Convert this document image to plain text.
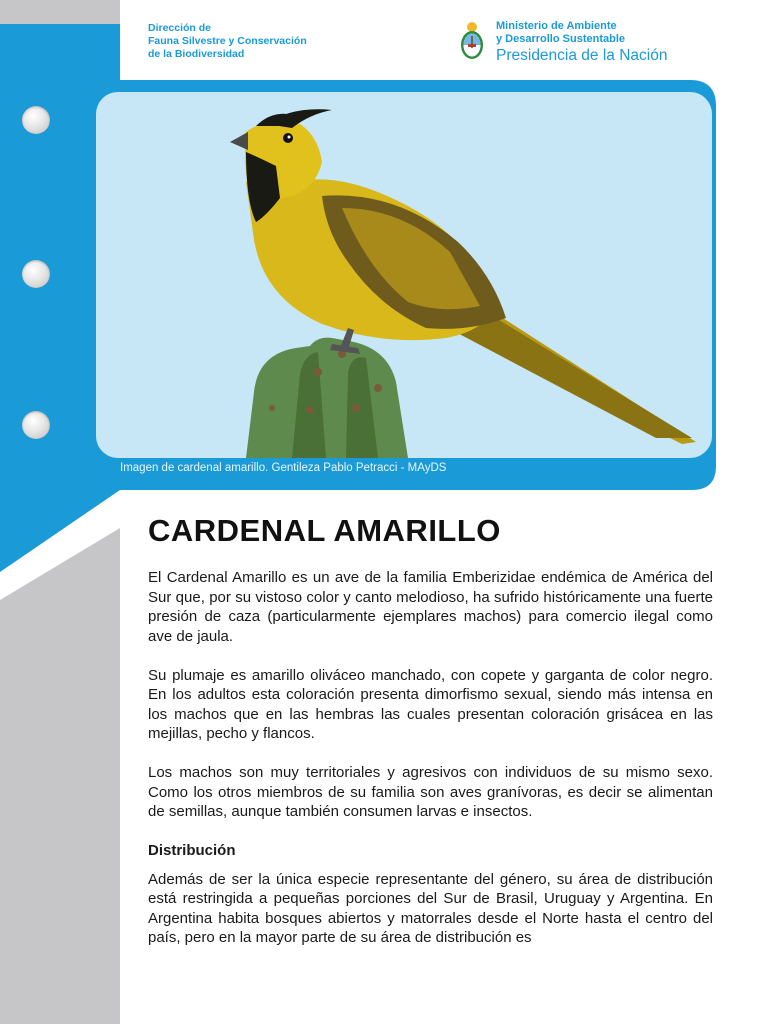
Dirección de
Fauna Silvestre y Conservación
de la Biodiversidad
Ministerio de Ambiente
y Desarrollo Sustentable
Presidencia de la Nación
Imagen de cardenal amarillo. Gentileza Pablo Petracci - MAyDS
CARDENAL AMARILLO

El Cardenal Amarillo es un ave de la familia Emberizidae endémica de América del Sur que, por su vistoso color y canto melodioso, ha sufrido históricamente una fuerte presión de caza (particularmente ejemplares machos) para comercio ilegal como ave de jaula.

Su plumaje es amarillo oliváceo manchado, con copete y garganta de color negro. En los adultos esta coloración presenta dimorfismo sexual, siendo más intensa en los machos que en las hembras las cuales presentan coloración grisácea en las mejillas, pecho y flancos.

Los machos son muy territoriales y agresivos con individuos de su mismo sexo. Como los otros miembros de su familia son aves granívoras, es decir se alimentan de semillas, aunque también consumen larvas e insectos.

Distribución

Además de ser la única especie representante del género, su área de distribución está restringida a pequeñas porciones del Sur de Brasil, Uruguay y Argentina. En Argentina habita bosques abiertos y matorrales desde el Norte hasta el centro del país, pero en la mayor parte de su área de distribución es
